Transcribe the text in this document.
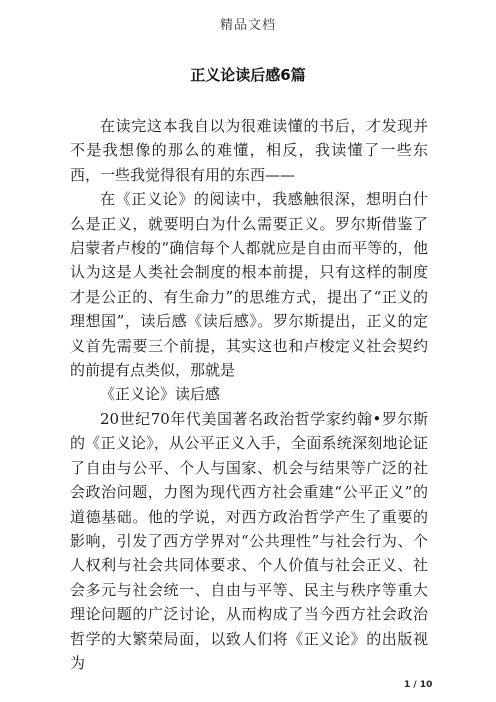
精品文档
正义论读后感6篇

在读完这本我自以为很难读懂的书后，才发现并不是我想像的那么的难懂，相反，我读懂了一些东西，一些我觉得很有用的东西——

在《正义论》的阅读中，我感触很深，想明白什么是正义，就要明白为什么需要正义。罗尔斯借鉴了启蒙者卢梭的“确信每个人都就应是自由而平等的，他认为这是人类社会制度的根本前提，只有这样的制度才是公正的、有生命力”的思维方式，提出了“正义的理想国”，读后感《读后感》。罗尔斯提出，正义的定义首先需要三个前提，其实这也和卢梭定义社会契约的前提有点类似，那就是

《正义论》读后感

20世纪70年代美国著名政治哲学家约翰•罗尔斯的《正义论》，从公平正义入手，全面系统深刻地论证了自由与公平、个人与国家、机会与结果等广泛的社会政治问题，力图为现代西方社会重建“公平正义”的道德基础。他的学说，对西方政治哲学产生了重要的影响，引发了西方学界对“公共理性”与社会行为、个人权利与社会共同体要求、个人价值与社会正义、社会多元与社会统一、自由与平等、民主与秩序等重大理论问题的广泛讨论，从而构成了当今西方社会政治哲学的大繁荣局面，以致人们将《正义论》的出版视为

1 / 10
